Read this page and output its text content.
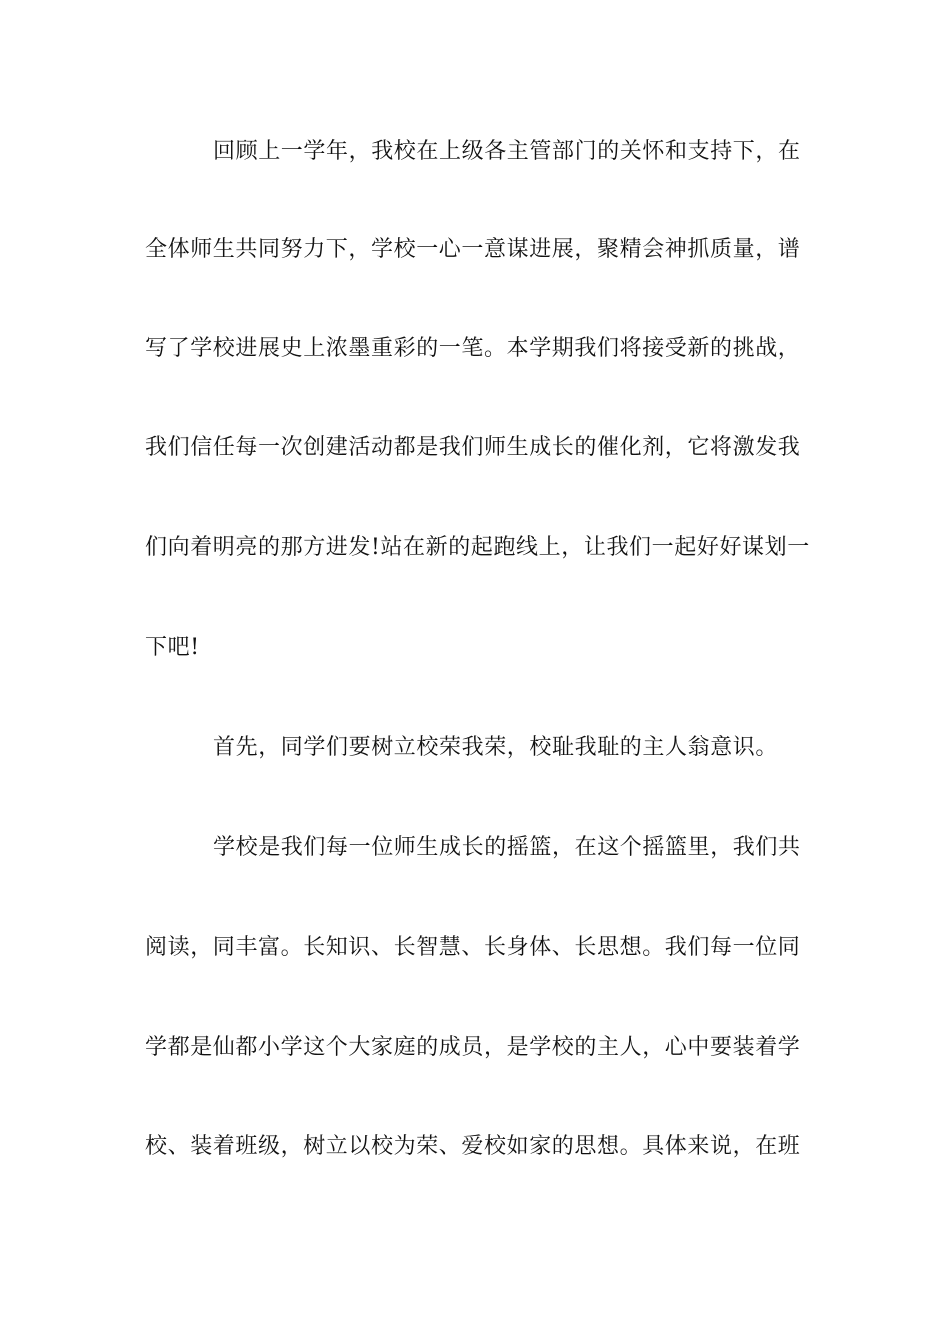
回顾上一学年，我校在上级各主管部门的关怀和支持下，在
全体师生共同努力下，学校一心一意谋进展，聚精会神抓质量，谱
写了学校进展史上浓墨重彩的一笔。本学期我们将接受新的挑战，
我们信任每一次创建活动都是我们师生成长的催化剂，它将激发我
们向着明亮的那方进发!站在新的起跑线上，让我们一起好好谋划一
下吧!
首先，同学们要树立校荣我荣，校耻我耻的主人翁意识。
学校是我们每一位师生成长的摇篮，在这个摇篮里，我们共
阅读，同丰富。长知识、长智慧、长身体、长思想。我们每一位同
学都是仙都小学这个大家庭的成员，是学校的主人，心中要装着学
校、装着班级，树立以校为荣、爱校如家的思想。具体来说，在班
